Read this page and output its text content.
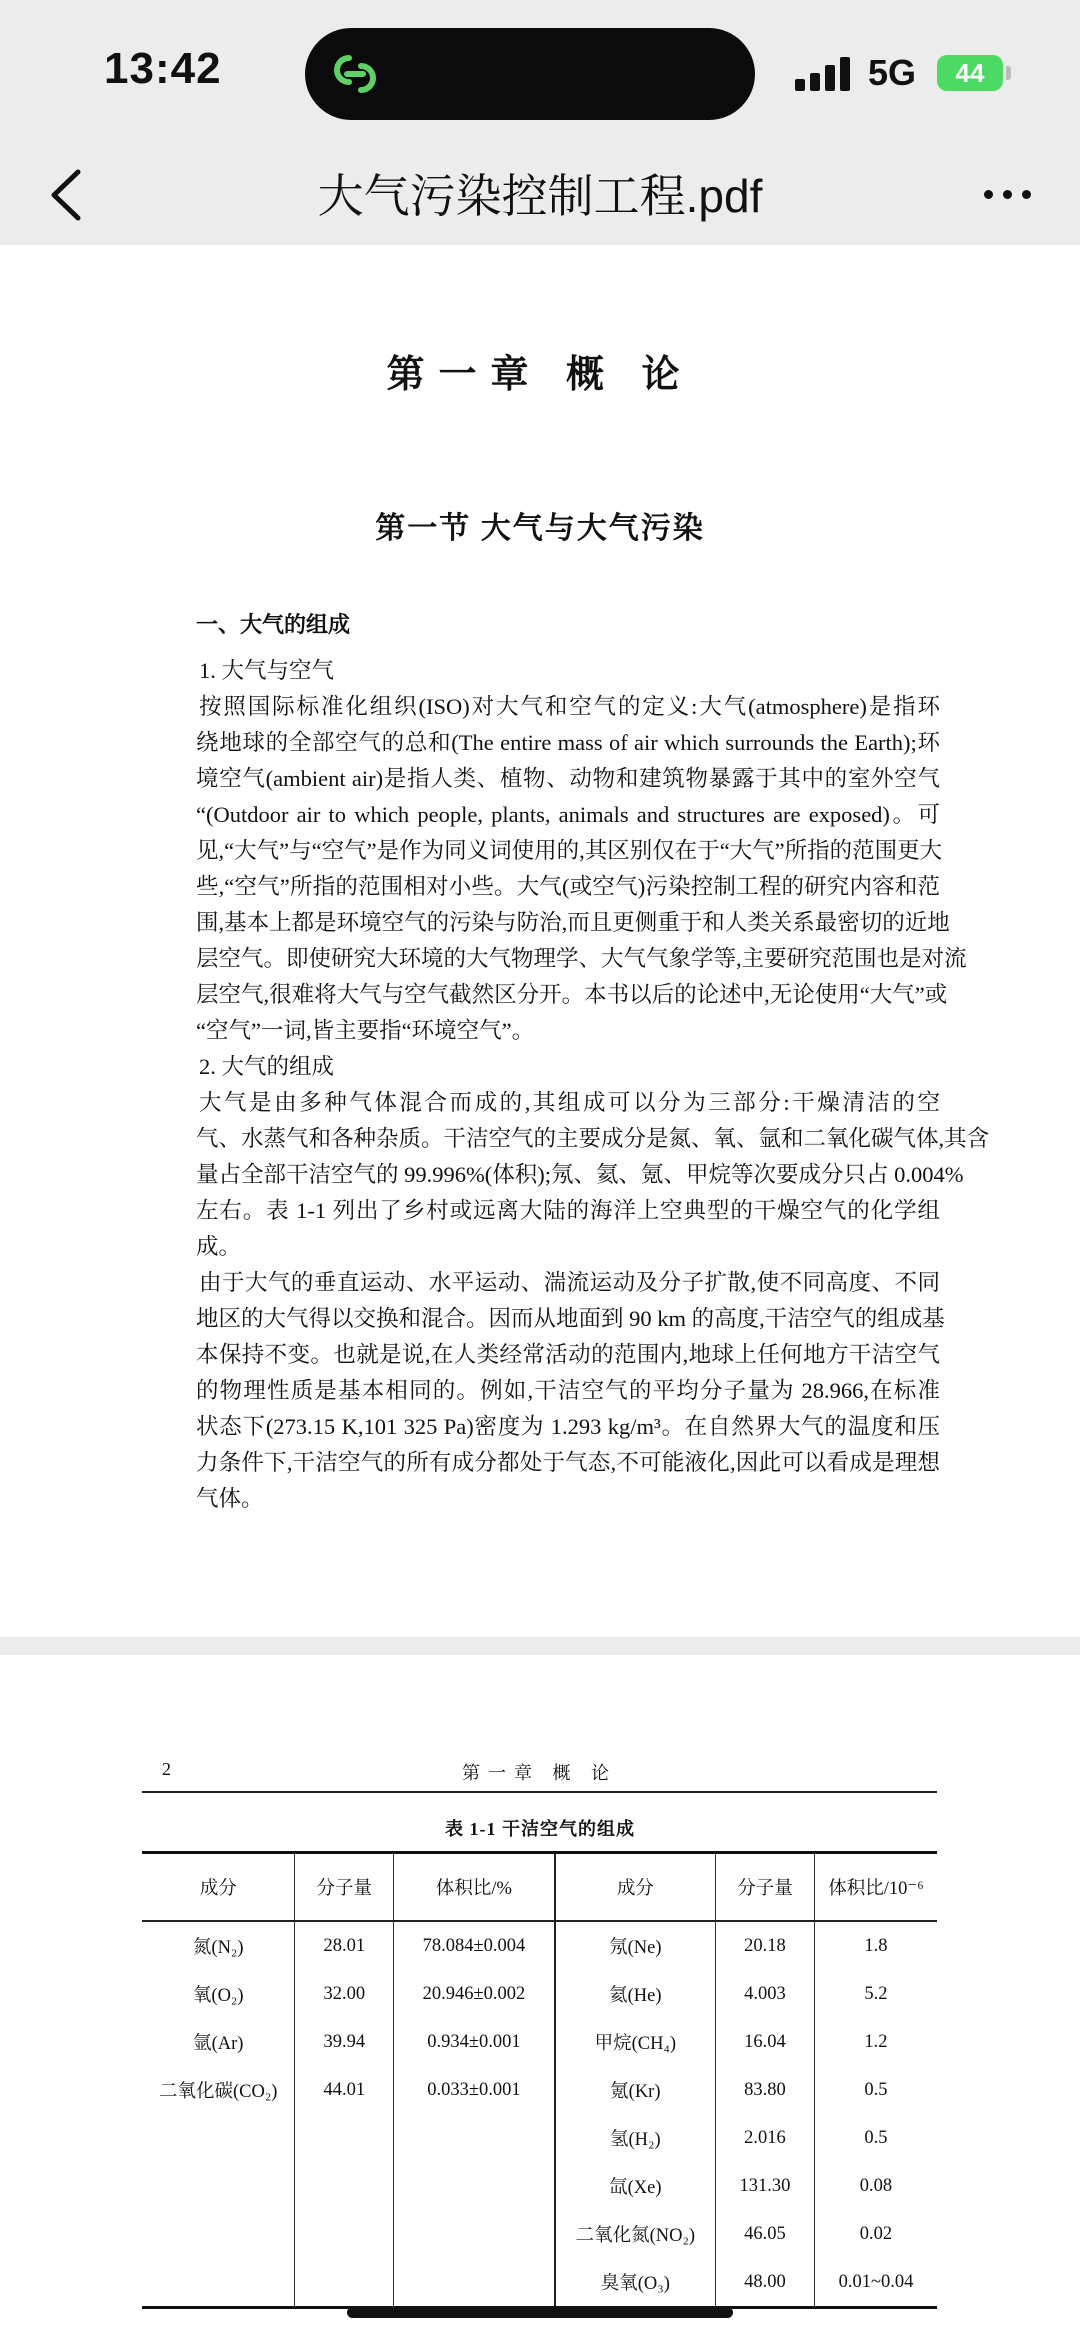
13:42	5G	44
大气污染控制工程.pdf
第一章 概 论
第一节 大气与大气污染
一、大气的组成
1. 大气与空气
按照国际标准化组织(ISO)对大气和空气的定义:大气(atmosphere)是指环
绕地球的全部空气的总和(The entire mass of air which surrounds the Earth);环
境空气(ambient air)是指人类、植物、动物和建筑物暴露于其中的室外空气
“(Outdoor air to which people, plants, animals and structures are exposed)。可
见,“大气”与“空气”是作为同义词使用的,其区别仅在于“大气”所指的范围更大
些,“空气”所指的范围相对小些。大气(或空气)污染控制工程的研究内容和范
围,基本上都是环境空气的污染与防治,而且更侧重于和人类关系最密切的近地
层空气。即使研究大环境的大气物理学、大气气象学等,主要研究范围也是对流
层空气,很难将大气与空气截然区分开。本书以后的论述中,无论使用“大气”或
“空气”一词,皆主要指“环境空气”。
2. 大气的组成
大气是由多种气体混合而成的,其组成可以分为三部分:干燥清洁的空
气、水蒸气和各种杂质。干洁空气的主要成分是氮、氧、氩和二氧化碳气体,其含
量占全部干洁空气的 99.996%(体积);氖、氦、氪、甲烷等次要成分只占 0.004%
左右。表 1-1 列出了乡村或远离大陆的海洋上空典型的干燥空气的化学组
成。
由于大气的垂直运动、水平运动、湍流运动及分子扩散,使不同高度、不同
地区的大气得以交换和混合。因而从地面到 90 km 的高度,干洁空气的组成基
本保持不变。也就是说,在人类经常活动的范围内,地球上任何地方干洁空气
的物理性质是基本相同的。例如,干洁空气的平均分子量为 28.966,在标准
状态下(273.15 K,101 325 Pa)密度为 1.293 kg/m³。在自然界大气的温度和压
力条件下,干洁空气的所有成分都处于气态,不可能液化,因此可以看成是理想
气体。
2	第一章 概 论
表 1-1 干洁空气的组成
成分	分子量	体积比/%	成分	分子量	体积比/10⁻⁶
氮(N₂)	28.01	78.084±0.004	氖(Ne)	20.18	1.8
氧(O₂)	32.00	20.946±0.002	氦(He)	4.003	5.2
氩(Ar)	39.94	0.934±0.001	甲烷(CH₄)	16.04	1.2
二氧化碳(CO₂)	44.01	0.033±0.001	氪(Kr)	83.80	0.5
			氢(H₂)	2.016	0.5
			氙(Xe)	131.30	0.08
			二氧化氮(NO₂)	46.05	0.02
			臭氧(O₃)	48.00	0.01~0.04
